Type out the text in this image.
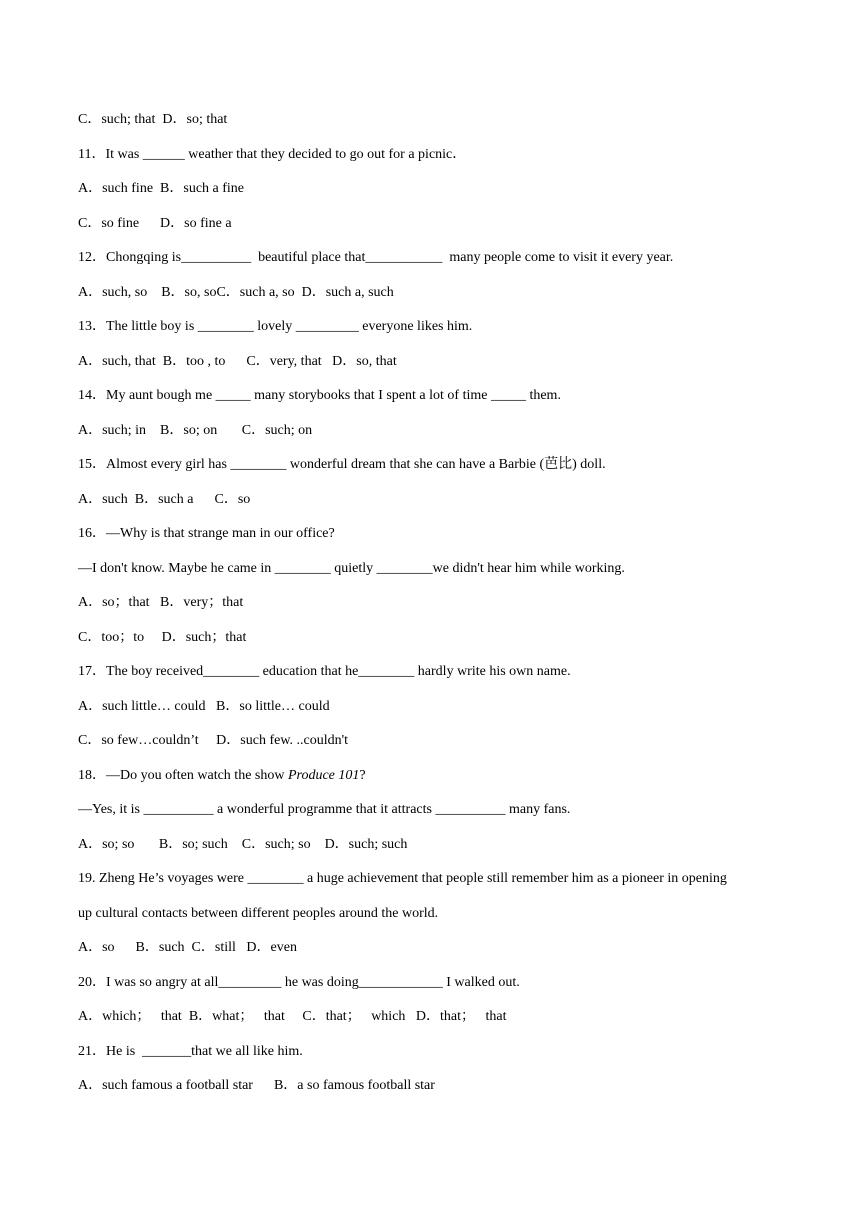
C．such; that  D．so; that
11．It was ______ weather that they decided to go out for a picnic．
A．such fine  B．such a fine
C．so fine      D．so fine a
12．Chongqing is__________  beautiful place that___________  many people come to visit it every year.
A．such, so    B．so, soC．such a, so  D．such a, such
13．The little boy is ________ lovely _________ everyone likes him.
A．such, that  B．too , to      C．very, that   D．so, that
14．My aunt bough me _____ many storybooks that I spent a lot of time _____ them.
A．such; in    B．so; on       C．such; on
15．Almost every girl has ________ wonderful dream that she can have a Barbie (芭比) doll.
A．such  B．such a      C．so
16．—Why is that strange man in our office?
—I don't know. Maybe he came in ________ quietly ________we didn't hear him while working.
A．so；that   B．very；that
C．too；to     D．such；that
17．The boy received________ education that he________ hardly write his own name.
A．such little… could   B．so little… could
C．so few…couldn’t     D．such few. ..couldn't
18．—Do you often watch the show Produce 101?
—Yes, it is __________ a wonderful programme that it attracts __________ many fans.
A．so; so       B．so; such    C．such; so    D．such; such
19. Zheng He’s voyages were ________ a huge achievement that people still remember him as a pioneer in opening
up cultural contacts between different peoples around the world.
A．so      B．such  C．still   D．even
20．I was so angry at all_________ he was doing____________ I walked out.
A．which；   that  B．what；   that     C．that；   which   D．that；   that
21．He is  _______that we all like him.
A．such famous a football star      B．a so famous football star
